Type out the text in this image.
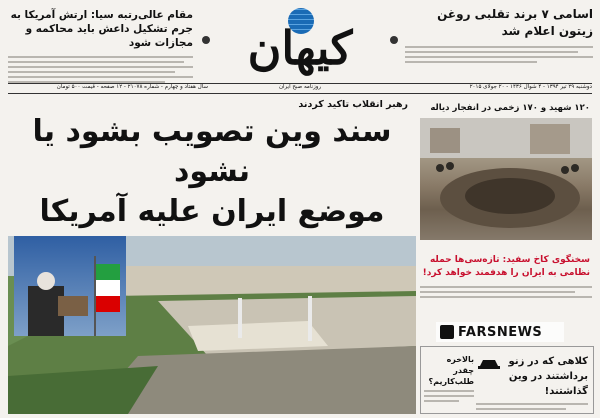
مقام عالی‌رتبه سیا: ارتش آمریکا به جرم تشکیل داعش باید محاکمه و مجازات شود	کیهان
اسامی ۷ برند تقلبی روغن زیتون اعلام شد
دوشنبه ۲۹ تیر ۱۳۹۴ - ۴ شوال ۱۴۳۶ - ۲۰ جولای ۲۰۱۵
روزنامه صبح ایران
سال هفتاد و چهارم - شماره ۲۱۰۷۸ - ۱۲ صفحه - قیمت ۵۰۰ تومان
۱۲۰ شهید و ۱۷۰ زخمی در انفجار دیاله
رهبر انقلاب تاکید کردند
سند وین تصویب بشود یا نشود
موضع ایران علیه آمریکا
سخنگوی کاخ سفید: تازه‌سی‌ها حمله نظامی به ایران را هدفمند خواهد کرد!
FARSNEWS
کلاهی که در زنو برداشتند در وین گذاشتند!
بالاخره چقدر طلب‌کاریم؟
